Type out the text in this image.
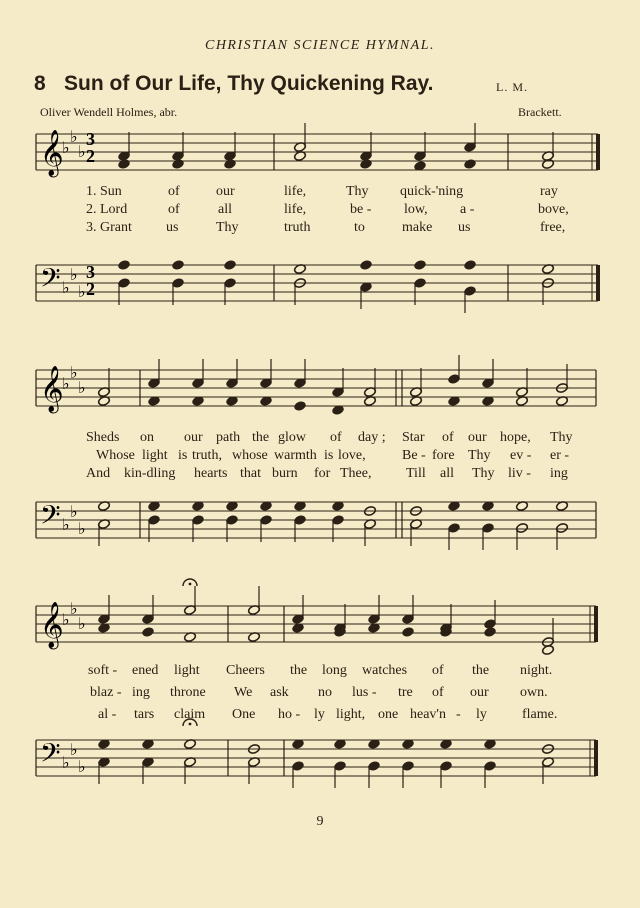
CHRISTIAN SCIENCE HYMNAL.
8 Sun of Our Life, Thy Quickening Ray.	L. M.
Oliver Wendell Holmes, abr.	Brackett.
𝄞
𝄢
♭
♭
♭
♭
♭
♭
𝄞
𝄢
♭
♭
♭
♭
♭
♭
𝄞
𝄢
♭
♭
♭
♭
♭
♭
3
2
3
2
1. Sun	of	our	life,	Thy quick-'ning	ray
2. Lord	of	all	life,	be - low, a -	bove,
3. Grant us	Thy	truth	to	make us	free,
Sheds on our path the glow of day ; Star of our hope, Thy
Whose light is truth, whose warmth is love,	Be - fore Thy ev - er -
And kin-dling hearts that burn for Thee, Till all Thy liv - ing
soft - ened light Cheers the long watches of the night.
blaz - ing throne We ask no lus - tre of our own.
al - tars claim One ho - ly light, one heav'n - ly	flame.
9
